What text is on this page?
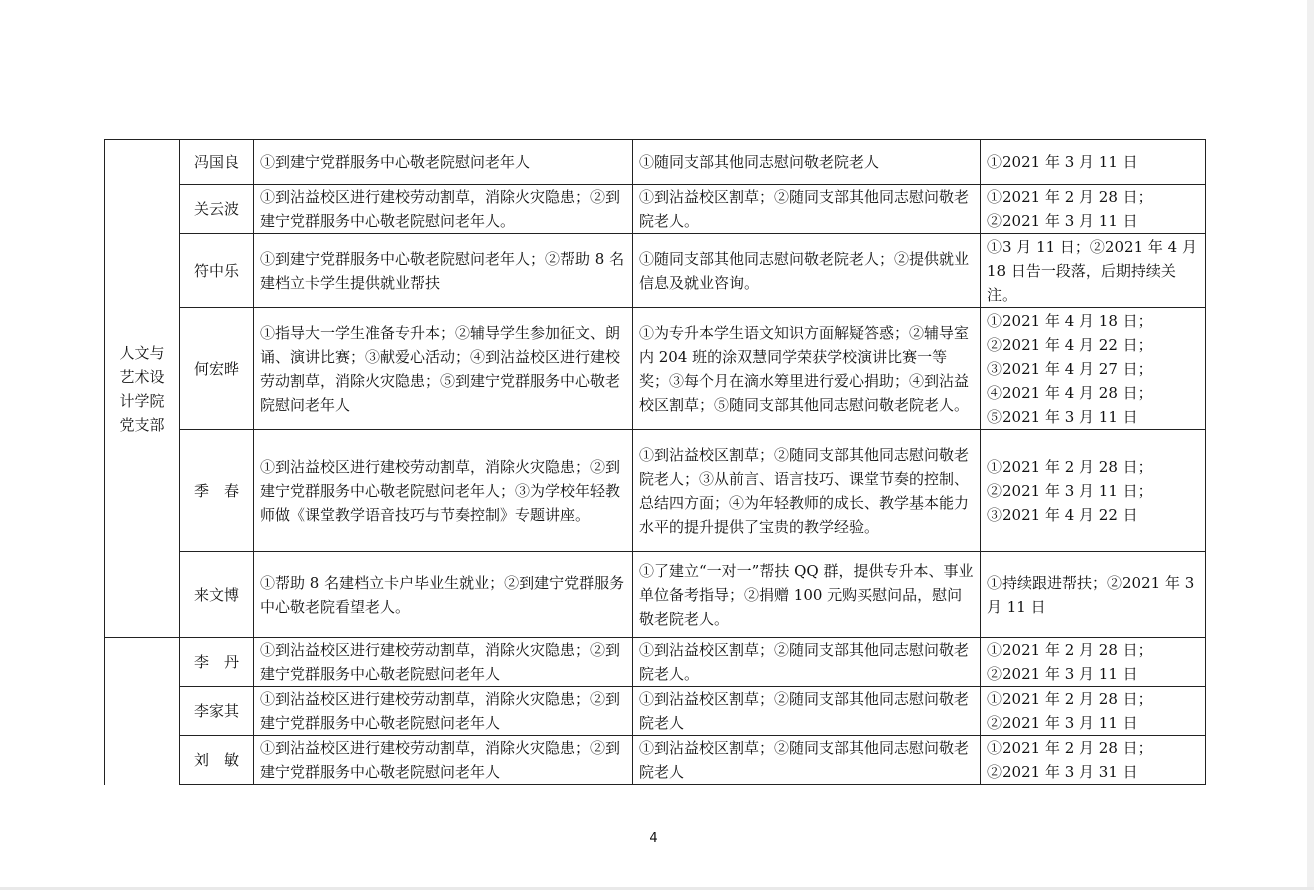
人文与艺术设计学院党支部	冯国良	①到建宁党群服务中心敬老院慰问老年人	①随同支部其他同志慰问敬老院老人	①2021 年 3 月 11 日
	关云波	①到沾益校区进行建校劳动割草，消除火灾隐患；②到建宁党群服务中心敬老院慰问老年人。	①到沾益校区割草；②随同支部其他同志慰问敬老院老人。	①2021 年 2 月 28 日；②2021 年 3 月 11 日
	符中乐	①到建宁党群服务中心敬老院慰问老年人；②帮助 8 名建档立卡学生提供就业帮扶	①随同支部其他同志慰问敬老院老人；②提供就业信息及就业咨询。	①3 月 11 日；②2021 年 4 月 18 日告一段落，后期持续关注。
	何宏晔	①指导大一学生准备专升本；②辅导学生参加征文、朗诵、演讲比赛；③献爱心活动；④到沾益校区进行建校劳动割草，消除火灾隐患；⑤到建宁党群服务中心敬老院慰问老年人	①为专升本学生语文知识方面解疑答惑；②辅导室内 204 班的涂双慧同学荣获学校演讲比赛一等奖；③每个月在滴水筹里进行爱心捐助；④到沾益校区割草；⑤随同支部其他同志慰问敬老院老人。	①2021 年 4 月 18 日；②2021 年 4 月 22 日；③2021 年 4 月 27 日；④2021 年 4 月 28 日；⑤2021 年 3 月 11 日
	季　春	①到沾益校区进行建校劳动割草，消除火灾隐患；②到建宁党群服务中心敬老院慰问老年人；③为学校年轻教师做《课堂教学语音技巧与节奏控制》专题讲座。	①到沾益校区割草；②随同支部其他同志慰问敬老院老人；③从前言、语言技巧、课堂节奏的控制、总结四方面；④为年轻教师的成长、教学基本能力水平的提升提供了宝贵的教学经验。	①2021 年 2 月 28 日；②2021 年 3 月 11 日；③2021 年 4 月 22 日
	来文博	①帮助 8 名建档立卡户毕业生就业；②到建宁党群服务中心敬老院看望老人。	①了建立“一对一”帮扶 QQ 群，提供专升本、事业单位备考指导；②捐赠 100 元购买慰问品，慰问敬老院老人。	①持续跟进帮扶；②2021 年 3 月 11 日
	李　丹	①到沾益校区进行建校劳动割草，消除火灾隐患；②到建宁党群服务中心敬老院慰问老年人	①到沾益校区割草；②随同支部其他同志慰问敬老院老人。	①2021 年 2 月 28 日；②2021 年 3 月 11 日
	李家其	①到沾益校区进行建校劳动割草，消除火灾隐患；②到建宁党群服务中心敬老院慰问老年人	①到沾益校区割草；②随同支部其他同志慰问敬老院老人	①2021 年 2 月 28 日；②2021 年 3 月 11 日
	刘　敏	①到沾益校区进行建校劳动割草，消除火灾隐患；②到建宁党群服务中心敬老院慰问老年人	①到沾益校区割草；②随同支部其他同志慰问敬老院老人	①2021 年 2 月 28 日；②2021 年 3 月 31 日
4
